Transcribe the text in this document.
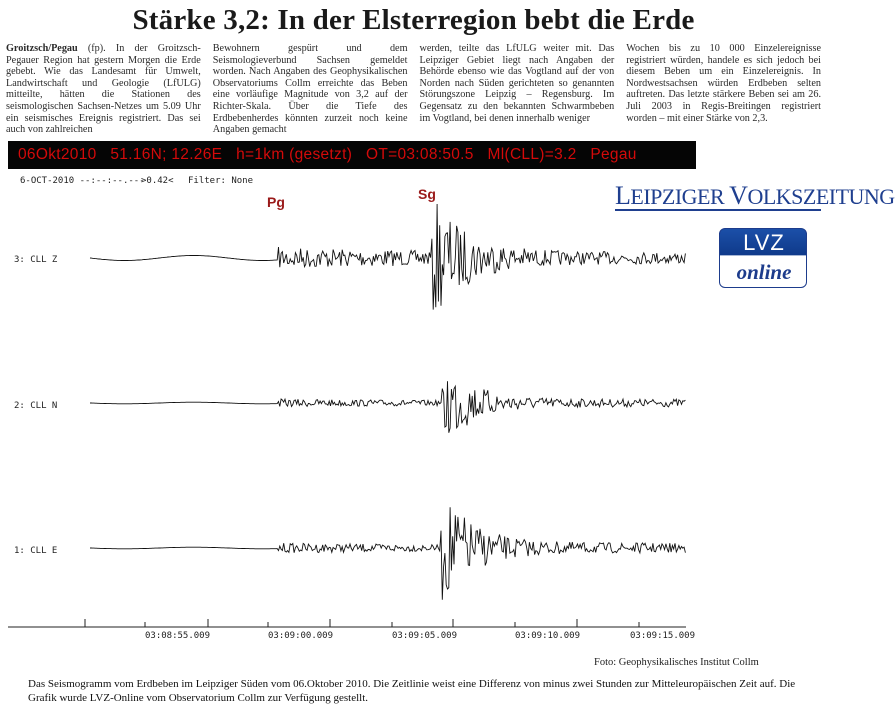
Stärke 3,2: In der Elsterregion bebt die Erde
Groitzsch/Pegau (fp). In der Groitzsch-Pegauer Region hat gestern Morgen die Erde gebebt. Wie das Landesamt für Umwelt, Landwirtschaft und Geologie (LfULG) mitteilte, hätten die Stationen des seismologischen Sachsen-Netzes um 5.09 Uhr ein seismisches Ereignis registriert. Das sei auch von zahlreichen
Bewohnern gespürt und dem Seismologieverbund Sachsen gemeldet worden. Nach Angaben des Geophysikalischen Observatoriums Collm erreichte das Beben eine vorläufige Magnitude von 3,2 auf der Richter-Skala. Über die Tiefe des Erdbebenherdes könnten zurzeit noch keine Angaben gemacht
werden, teilte das LfULG weiter mit. Das Leipziger Gebiet liegt nach Angaben der Behörde ebenso wie das Vogtland auf der von Norden nach Süden gerichteten so genannten Störungszone Leipzig – Regensburg. Im Gegensatz zu den bekannten Schwarmbeben im Vogtland, bei denen innerhalb weniger
Wochen bis zu 10 000 Einzelereignisse registriert würden, handele es sich jedoch bei diesem Beben um ein Einzelereignis. In Nordwestsachsen würden Erdbeben selten auftreten. Das letzte stärkere Beben sei am 26. Juli 2003 in Regis-Breitingen registriert worden – mit einer Stärke von 2,3.
06Okt2010   51.16N; 12.26E   h=1km (gesetzt)   OT=03:08:50.5   Ml(CLL)=3.2   Pegau
6-OCT-2010 --:--:--.---
>0.42< Filter: None
Pg	Sg	LEIPZIGER VOLKSZEITUNG
LVZ
online
03:08:55.009	03:09:00.009	03:09:05.009	03:09:10.009	03:09:15.009
3: CLL Z
2: CLL N
1: CLL E
Foto: Geophysikalisches Institut Collm
Das Seismogramm vom Erdbeben im Leipziger Süden vom 06.Oktober 2010. Die Zeitlinie weist eine Differenz von minus zwei Stunden zur Mitteleuropäischen Zeit auf. Die Grafik wurde LVZ-Online vom Observatorium Collm zur Verfügung gestellt.
